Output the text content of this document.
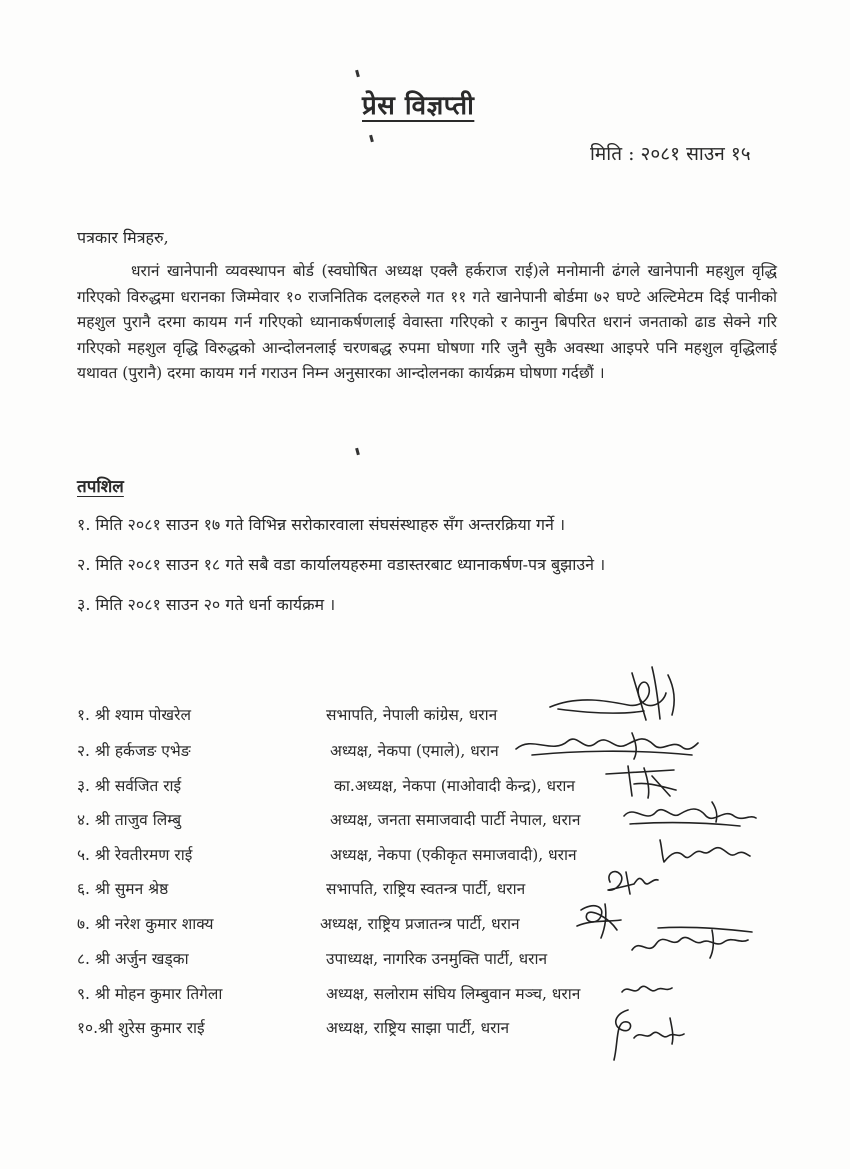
प्रेस विज्ञप्ती
मिति : २०८१ साउन १५
पत्रकार मित्रहरु,
धरानं खानेपानी व्यवस्थापन बोर्ड (स्वघोषित अध्यक्ष एक्लै हर्कराज राई)ले मनोमानी ढंगले खानेपानी महशुल वृद्धि गरिएको विरुद्धमा धरानका जिम्मेवार १० राजनितिक दलहरुले गत ११ गते खानेपानी बोर्डमा ७२ घण्टे अल्टिमेटम दिई पानीको महशुल पुरानै दरमा कायम गर्न गरिएको ध्यानाकर्षणलाई वेवास्ता गरिएको र कानुन बिपरित धरानं जनताको ढाड सेक्ने गरि गरिएको महशुल वृद्धि विरुद्धको आन्दोलनलाई चरणबद्ध रुपमा घोषणा गरि जुनै सुकै अवस्था आइपरे पनि महशुल वृद्धिलाई यथावत (पुरानै) दरमा कायम गर्न गराउन निम्न अनुसारका आन्दोलनका कार्यक्रम घोषणा गर्दछौं ।
तपशिल
१. मिति २०८१ साउन १७ गते विभिन्न सरोकारवाला संघसंस्थाहरु सँग अन्तरक्रिया गर्ने ।
२. मिति २०८१ साउन १८ गते सबै वडा कार्यालयहरुमा वडास्तरबाट ध्यानाकर्षण-पत्र बुझाउने ।
३. मिति २०८१ साउन २० गते धर्ना कार्यक्रम ।
१. श्री श्याम पोखरेल	सभापति, नेपाली कांग्रेस, धरान
२. श्री हर्कजङ एभेङ	अध्यक्ष, नेकपा (एमाले), धरान
३. श्री सर्वजित राई	का.अध्यक्ष, नेकपा (माओवादी केन्द्र), धरान
४. श्री ताजुव लिम्बु	अध्यक्ष, जनता समाजवादी पार्टी नेपाल, धरान
५. श्री रेवतीरमण राई	अध्यक्ष, नेकपा (एकीकृत समाजवादी), धरान
६. श्री सुमन श्रेष्ठ	सभापति, राष्ट्रिय स्वतन्त्र पार्टी, धरान
७. श्री नरेश कुमार शाक्य	अध्यक्ष, राष्ट्रिय प्रजातन्त्र पार्टी, धरान
८. श्री अर्जुन खड्का	उपाध्यक्ष, नागरिक उनमुक्ति पार्टी, धरान
९. श्री मोहन कुमार तिगेला	अध्यक्ष, सलोराम संघिय लिम्बुवान मञ्च, धरान
१०.श्री शुरेस कुमार राई	अध्यक्ष, राष्ट्रिय साझा पार्टी, धरान
